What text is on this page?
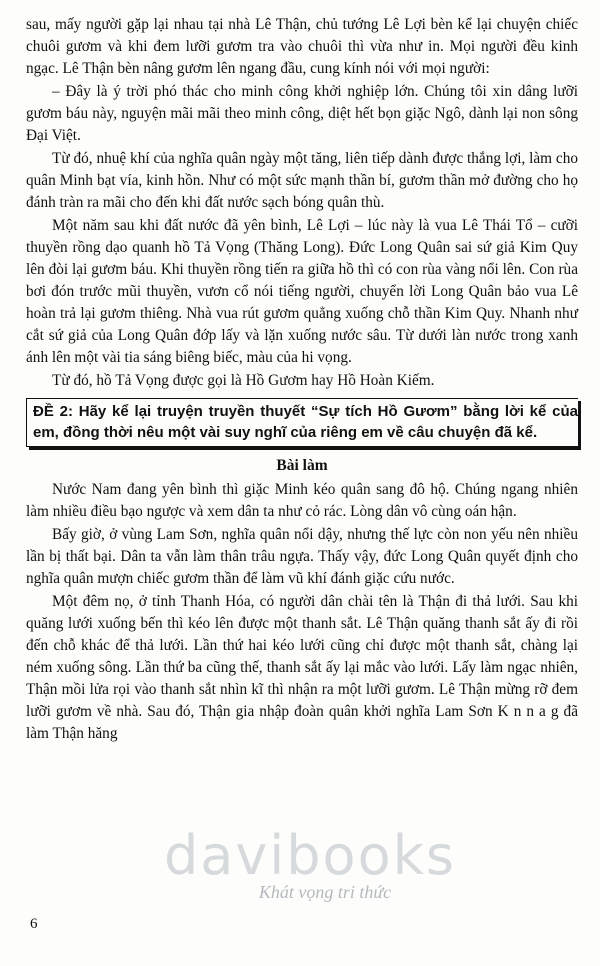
sau, mấy người gặp lại nhau tại nhà Lê Thận, chủ tướng Lê Lợi bèn kể lại chuyện chiếc chuôi gươm và khi đem lưỡi gươm tra vào chuôi thì vừa như in. Mọi người đều kinh ngạc. Lê Thận bèn nâng gươm lên ngang đầu, cung kính nói với mọi người:

– Đây là ý trời phó thác cho minh công khởi nghiệp lớn. Chúng tôi xin dâng lưỡi gươm báu này, nguyện mãi mãi theo minh công, diệt hết bọn giặc Ngô, dành lại non sông Đại Việt.

Từ đó, nhuệ khí của nghĩa quân ngày một tăng, liên tiếp dành được thắng lợi, làm cho quân Minh bạt vía, kinh hồn. Như có một sức mạnh thần bí, gươm thần mở đường cho họ đánh tràn ra mãi cho đến khi đất nước sạch bóng quân thù.

Một năm sau khi đất nước đã yên bình, Lê Lợi – lúc này là vua Lê Thái Tổ – cưỡi thuyền rồng dạo quanh hồ Tả Vọng (Thăng Long). Đức Long Quân sai sứ giả Kim Quy lên đòi lại gươm báu. Khi thuyền rồng tiến ra giữa hồ thì có con rùa vàng nổi lên. Con rùa bơi đón trước mũi thuyền, vươn cổ nói tiếng người, chuyển lời Long Quân bảo vua Lê hoàn trả lại gươm thiêng. Nhà vua rút gươm quẳng xuống chỗ thần Kim Quy. Nhanh như cắt sứ giả của Long Quân đớp lấy và lặn xuống nước sâu. Từ dưới làn nước trong xanh ánh lên một vài tia sáng biêng biếc, màu của hi vọng.

Từ đó, hồ Tả Vọng được gọi là Hồ Gươm hay Hồ Hoàn Kiếm.

ĐỀ 2: Hãy kể lại truyện truyền thuyết “Sự tích Hồ Gươm” bằng lời kể của em, đồng thời nêu một vài suy nghĩ của riêng em về câu chuyện đã kể.
Bài làm

Nước Nam đang yên bình thì giặc Minh kéo quân sang đô hộ. Chúng ngang nhiên làm nhiều điều bạo ngược và xem dân ta như cỏ rác. Lòng dân vô cùng oán hận.

Bấy giờ, ở vùng Lam Sơn, nghĩa quân nổi dậy, nhưng thế lực còn non yếu nên nhiều lần bị thất bại. Dân ta vẫn làm thân trâu ngựa. Thấy vậy, đức Long Quân quyết định cho nghĩa quân mượn chiếc gươm thần để làm vũ khí đánh giặc cứu nước.

Một đêm nọ, ở tỉnh Thanh Hóa, có người dân chài tên là Thận đi thả lưới. Sau khi quăng lưới xuống bến thì kéo lên được một thanh sắt. Lê Thận quăng thanh sắt ấy đi rồi đến chỗ khác để thả lưới. Lần thứ hai kéo lưới cũng chỉ được một thanh sắt, chàng lại ném xuống sông. Lần thứ ba cũng thế, thanh sắt ấy lại mắc vào lưới. Lấy làm ngạc nhiên, Thận mồi lửa rọi vào thanh sắt nhìn kĩ thì nhận ra một lưỡi gươm. Lê Thận mừng rỡ đem lưỡi gươm về nhà. Sau đó, Thận gia nhập đoàn quân khởi nghĩa Lam Sơn K n n a g đã làm Thận hăng

davibooks
Khát vọng tri thức
6
